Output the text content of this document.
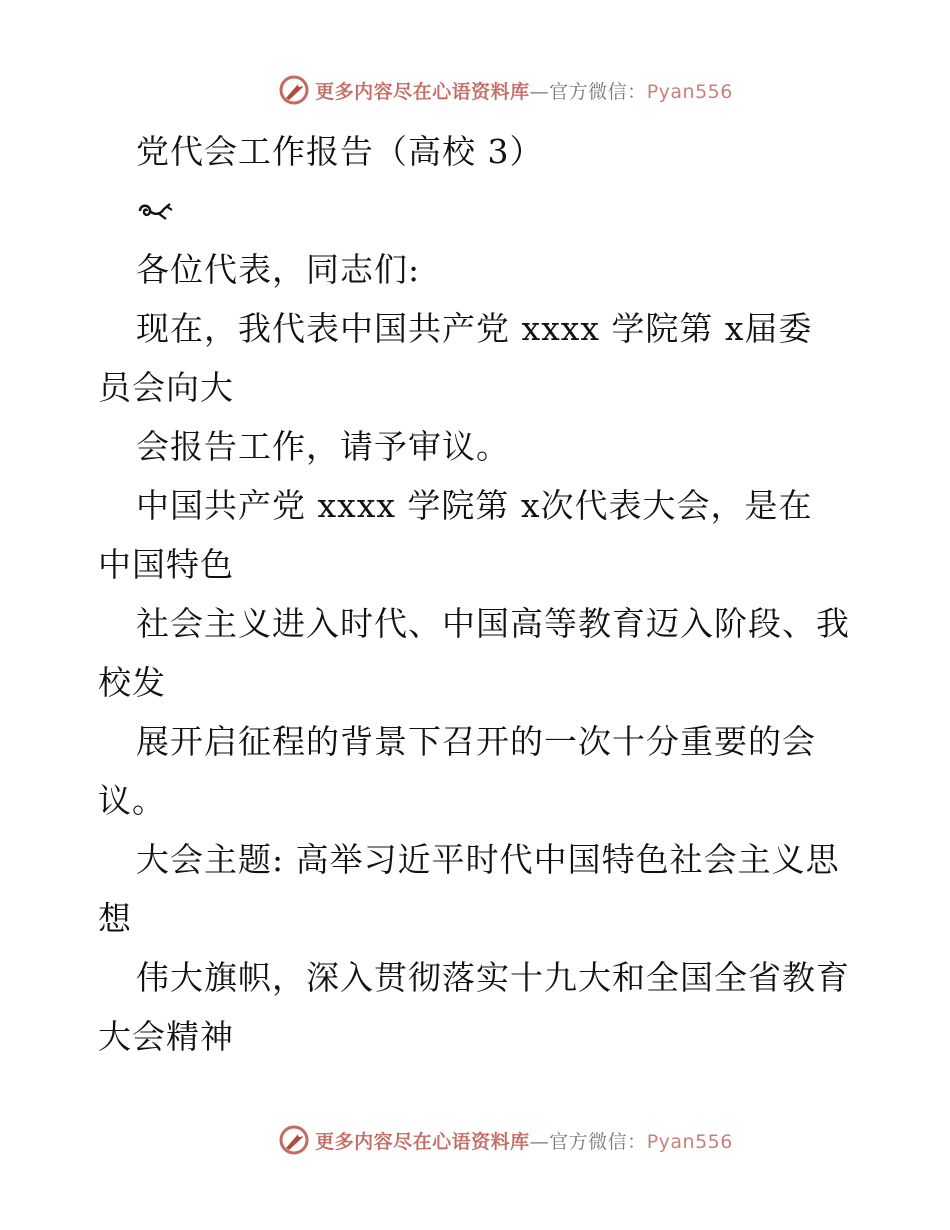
更多内容尽在心语资料库—官方微信：Pyan556
党代会工作报告（高校 3）
各位代表，同志们:
现在，我代表中国共产党 xxxx 学院第 x届委
员会向大
会报告工作，请予审议。
中国共产党 xxxx 学院第 x次代表大会，是在
中国特色
社会主义进入时代、中国高等教育迈入阶段、我
校发
展开启征程的背景下召开的一次十分重要的会
议。
大会主题: 高举习近平时代中国特色社会主义思
想
伟大旗帜，深入贯彻落实十九大和全国全省教育
大会精神
更多内容尽在心语资料库—官方微信：Pyan556
